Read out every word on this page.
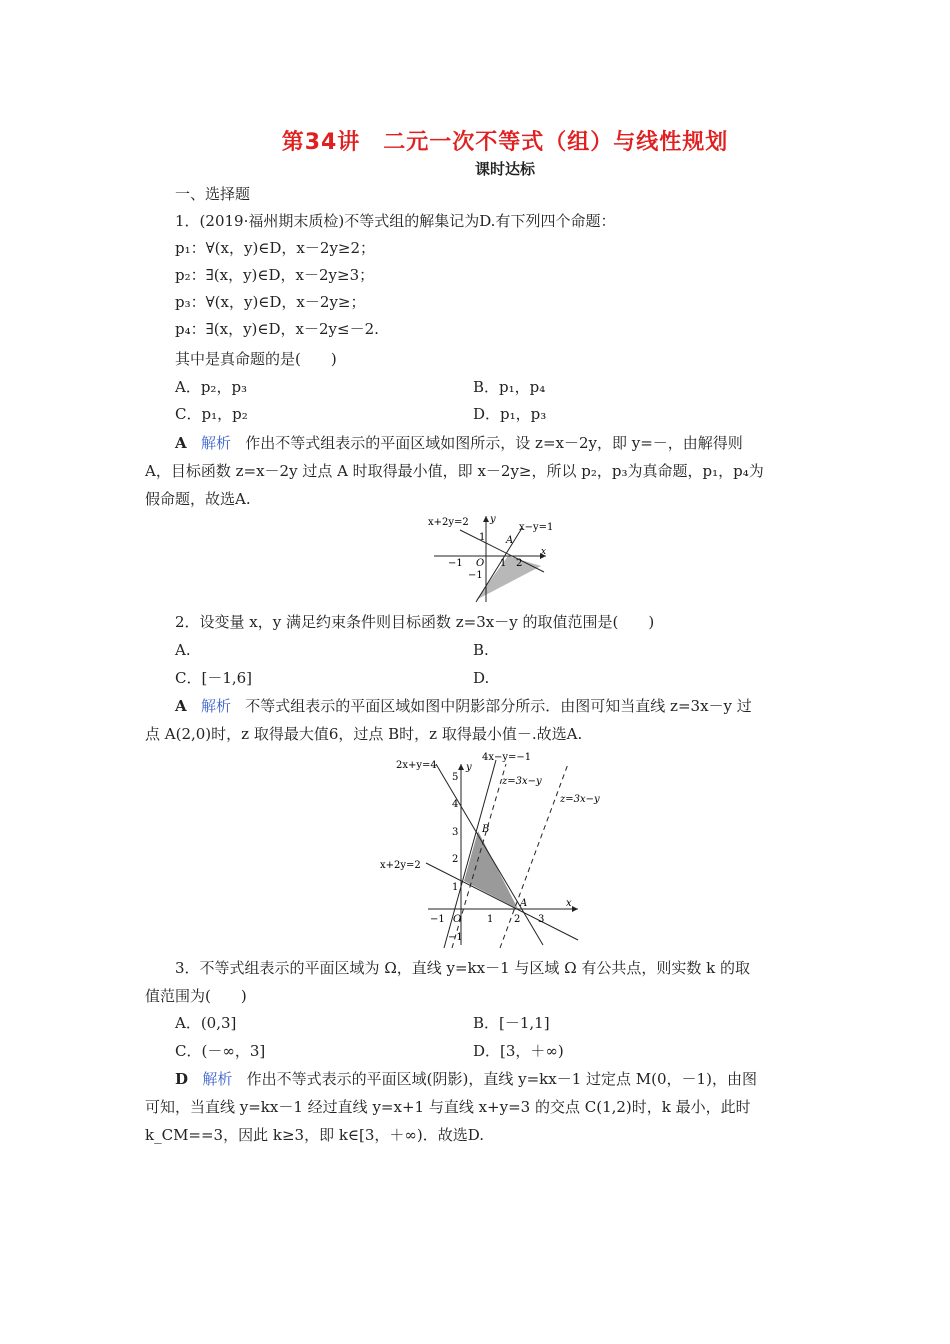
第34讲　二元一次不等式（组）与线性规划
课时达标
一、选择题
1．(2019·福州期末质检)不等式组的解集记为D.有下列四个命题：
p₁：∀(x，y)∈D，x－2y≥2；
p₂：∃(x，y)∈D，x－2y≥3；
p₃：∀(x，y)∈D，x－2y≥；
p₄：∃(x，y)∈D，x－2y≤－2.
其中是真命题的是(　　)
A．p₂，p₃	B．p₁，p₄
C．p₁，p₂	D．p₁，p₃
A 解析 作出不等式组表示的平面区域如图所示，设 z=x－2y，即 y=－，由解得则
A，目标函数 z=x－2y 过点 A 时取得最小值，即 x－2y≥，所以 p₂，p₃为真命题，p₁，p₄为
假命题，故选A.
x+2y=2	x−y=1
y
x
O
1
−1
−1	1 2
A
2．设变量 x，y 满足约束条件则目标函数 z=3x－y 的取值范围是(　　)
A.	B.
C．[－1,6]	D.
A 解析 不等式组表示的平面区域如图中阴影部分所示．由图可知当直线 z=3x－y 过
点 A(2,0)时，z 取得最大值6，过点 B时，z 取得最小值－.故选A.
2x+y=4
4x−y=−1
z=3x−y
z=3x−y
x+2y=2
y
x
O
B
A
5
4
3
2
1
−1
−1	1 2 3
3．不等式组表示的平面区域为 Ω，直线 y=kx－1 与区域 Ω 有公共点，则实数 k 的取
值范围为(　　)
A．(0,3]	B．[－1,1]
C．(－∞，3]	D．[3，＋∞)
D 解析 作出不等式表示的平面区域(阴影)，直线 y=kx－1 过定点 M(0，－1)，由图
可知，当直线 y=kx－1 经过直线 y=x+1 与直线 x+y=3 的交点 C(1,2)时，k 最小，此时
k_CM==3，因此 k≥3，即 k∈[3，＋∞)．故选D.
